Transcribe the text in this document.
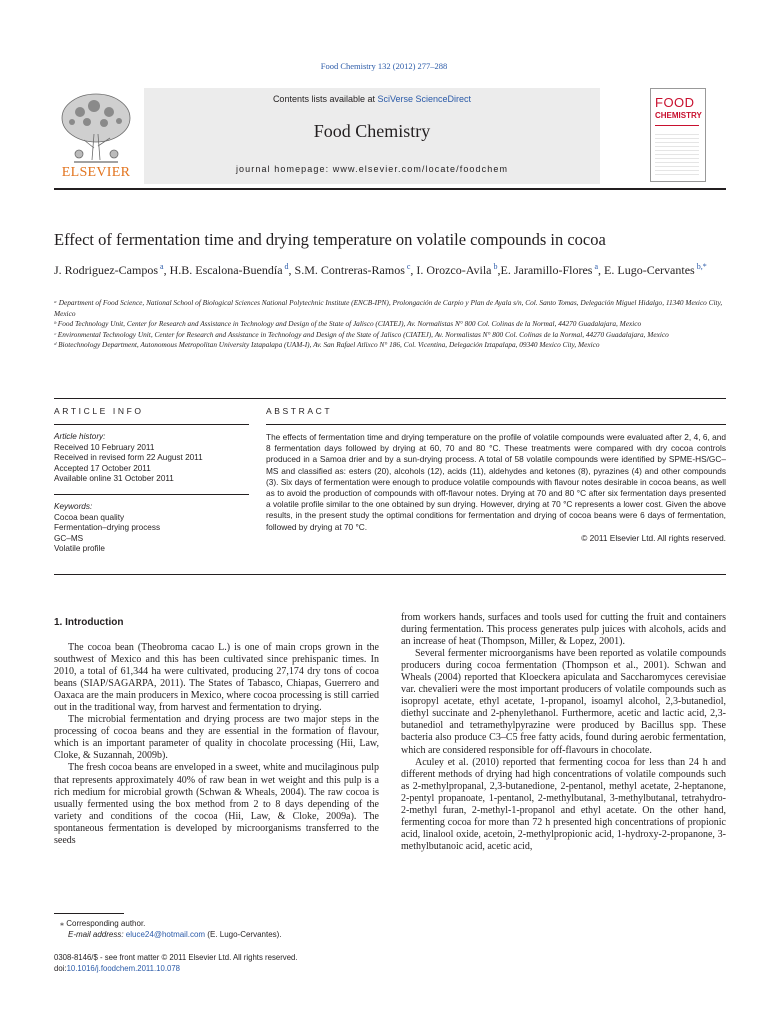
Food Chemistry 132 (2012) 277–288
ELSEVIER
Contents lists available at SciVerse ScienceDirect
Food Chemistry
journal homepage: www.elsevier.com/locate/foodchem
FOOD
CHEMISTRY
Effect of fermentation time and drying temperature on volatile compounds in cocoa
J. Rodriguez-Campos $^a$, H.B. Escalona-Buendía $^d$, S.M. Contreras-Ramos $^c$, I. Orozco-Avila $^b$,E. Jaramillo-Flores $^a$, E. Lugo-Cervantes $^{b,*}$
ᵃ Department of Food Science, National School of Biological Sciences National Polytechnic Institute (ENCB-IPN), Prolongación de Carpio y Plan de Ayala s/n, Col. Santo Tomas, Delegación Miguel Hidalgo, 11340 Mexico City, Mexico
ᵇ Food Technology Unit, Center for Research and Assistance in Technology and Design of the State of Jalisco (CIATEJ), Av. Normalistas N° 800 Col. Colinas de la Normal, 44270 Guadalajara, Mexico
ᶜ Environmental Technology Unit, Center for Research and Assistance in Technology and Design of the State of Jalisco (CIATEJ), Av. Normalistas N° 800 Col. Colinas de la Normal, 44270 Guadalajara, Mexico
ᵈ Biotechnology Department, Autonomous Metropolitan University Iztapalapa (UAM-I), Av. San Rafael Atlixco N° 186, Col. Vicentina, Delegación Iztapalapa, 09340 Mexico City, Mexico
ARTICLE INFO	ABSTRACT
Article history:
Received 10 February 2011
Received in revised form 22 August 2011
Accepted 17 October 2011
Available online 31 October 2011
Keywords:
Cocoa bean quality
Fermentation–drying process
GC–MS
Volatile profile
The effects of fermentation time and drying temperature on the profile of volatile compounds were evaluated after 2, 4, 6, and 8 fermentation days followed by drying at 60, 70 and 80 °C. These treatments were compared with dry cocoa controls produced in a Samoa drier and by a sun-drying process. A total of 58 volatile compounds were identified by SPME-HS/GC–MS and classified as: esters (20), alcohols (12), acids (11), aldehydes and ketones (8), pyrazines (4) and other compounds (3). Six days of fermentation were enough to produce volatile compounds with flavour notes desirable in cocoa beans, as well as to avoid the production of compounds with off-flavour notes. Drying at 70 and 80 °C after six fermentation days presented a volatile profile similar to the one obtained by sun drying. However, drying at 70 °C represents a lower cost. Given the above results, in the present study the optimal conditions for fermentation and drying of cocoa beans were 6 days of fermentation, followed by drying at 70 °C.
© 2011 Elsevier Ltd. All rights reserved.
1. Introduction

The cocoa bean (Theobroma cacao L.) is one of main crops grown in the southwest of Mexico and this has been cultivated since prehispanic times. In 2010, a total of 61,344 ha were cultivated, producing 27,174 dry tons of cocoa beans (SIAP/SAGARPA, 2011). The States of Tabasco, Chiapas, Guerrero and Oaxaca are the main producers in Mexico, where cocoa processing is still carried out in the traditional way, from harvest and fermentation to drying.

The microbial fermentation and drying process are two major steps in the processing of cocoa beans and they are essential in the formation of flavour, which is an important parameter of quality in chocolate processing (Hii, Law, Cloke, & Suzannah, 2009b).

The fresh cocoa beans are enveloped in a sweet, white and mucilaginous pulp that represents approximately 40% of raw bean in wet weight and this pulp is a rich medium for microbial growth (Schwan & Wheals, 2004). The raw cocoa is usually fermented using the box method from 2 to 8 days depending of the variety and conditions of the cocoa (Hii, Law, & Cloke, 2009a). The spontaneous fermentation is developed by microorganisms transferred to the seeds

from workers hands, surfaces and tools used for cutting the fruit and containers during fermentation. This process generates pulp juices with alcohols, acids and an increase of heat (Thompson, Miller, & Lopez, 2001).

Several fermenter microorganisms have been reported as volatile compounds producers during cocoa fermentation (Thompson et al., 2001). Schwan and Wheals (2004) reported that Kloeckera apiculata and Saccharomyces cerevisiae var. chevalieri were the most important producers of volatile compounds such as isopropyl acetate, ethyl acetate, 1-propanol, isoamyl alcohol, 2,3-butanediol, diethyl succinate and 2-phenylethanol. Furthermore, acetic and lactic acid, 2,3-butanediol and tetramethylpyrazine were produced by Bacillus spp. These bacteria also produce C3–C5 free fatty acids, found during aerobic fermentation, which are considered responsible for off-flavours in chocolate.

Aculey et al. (2010) reported that fermenting cocoa for less than 24 h and different methods of drying had high concentrations of volatile compounds such as 2-methylpropanal, 2,3-butanedione, 2-pentanol, methyl acetate, 2-heptanone, 2-pentyl propanoate, 1-pentanol, 2-methylbutanal, 3-methylbutanal, tetrahydro-2-methyl furan, 2-methyl-1-propanol and ethyl acetate. On the other hand, fermenting cocoa for more than 72 h presented high concentrations of propionic acid, linalool oxide, acetoin, 2-methylpropionic acid, 1-hydroxy-2-propanone, 3-methylbutanoic acid, acetic acid,

⁎ Corresponding author.
E-mail address: eluce24@hotmail.com (E. Lugo-Cervantes).
0308-8146/$ - see front matter © 2011 Elsevier Ltd. All rights reserved.
doi:10.1016/j.foodchem.2011.10.078
